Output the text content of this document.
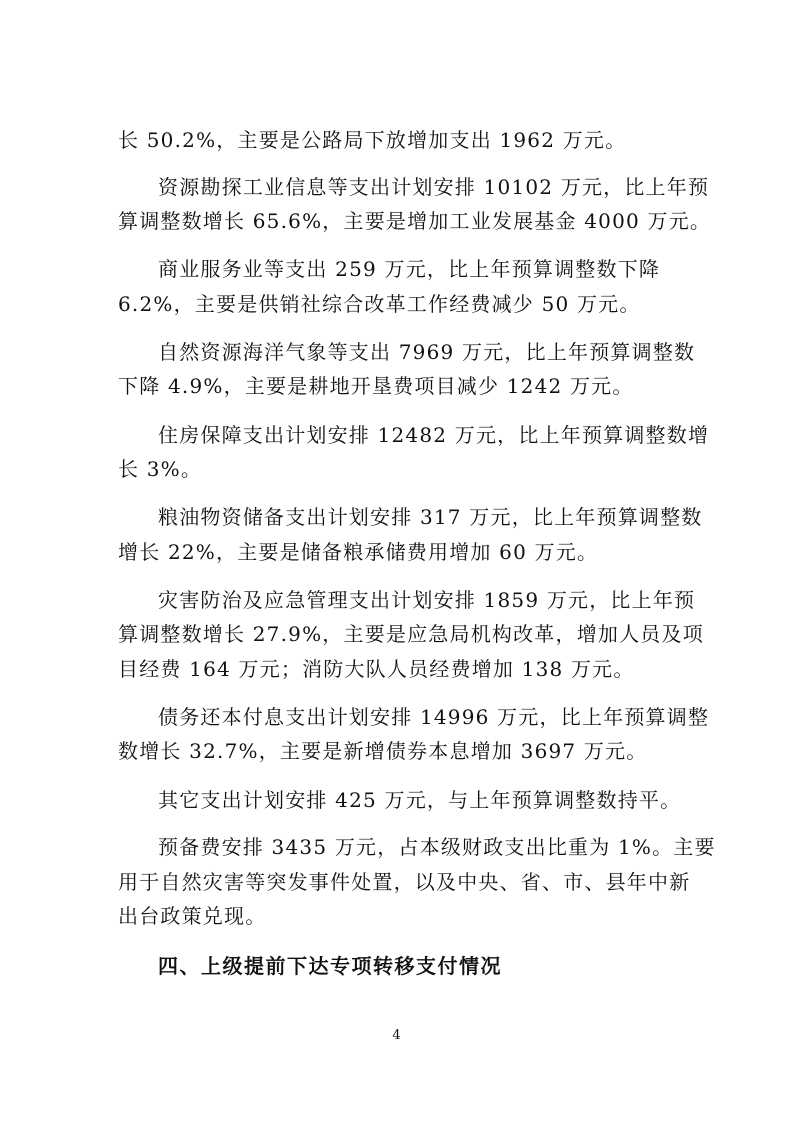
长 50.2%，主要是公路局下放增加支出 1962 万元。
资源勘探工业信息等支出计划安排 10102 万元，比上年预
算调整数增长 65.6%，主要是增加工业发展基金 4000 万元。
商业服务业等支出 259 万元，比上年预算调整数下降
6.2%，主要是供销社综合改革工作经费减少 50 万元。
自然资源海洋气象等支出 7969 万元，比上年预算调整数
下降 4.9%，主要是耕地开垦费项目减少 1242 万元。
住房保障支出计划安排 12482 万元，比上年预算调整数增
长 3%。
粮油物资储备支出计划安排 317 万元，比上年预算调整数
增长 22%，主要是储备粮承储费用增加 60 万元。
灾害防治及应急管理支出计划安排 1859 万元，比上年预
算调整数增长 27.9%，主要是应急局机构改革，增加人员及项
目经费 164 万元；消防大队人员经费增加 138 万元。
债务还本付息支出计划安排 14996 万元，比上年预算调整
数增长 32.7%，主要是新增债券本息增加 3697 万元。
其它支出计划安排 425 万元，与上年预算调整数持平。
预备费安排 3435 万元，占本级财政支出比重为 1%。主要
用于自然灾害等突发事件处置，以及中央、省、市、县年中新
出台政策兑现。
四、上级提前下达专项转移支付情况
4
